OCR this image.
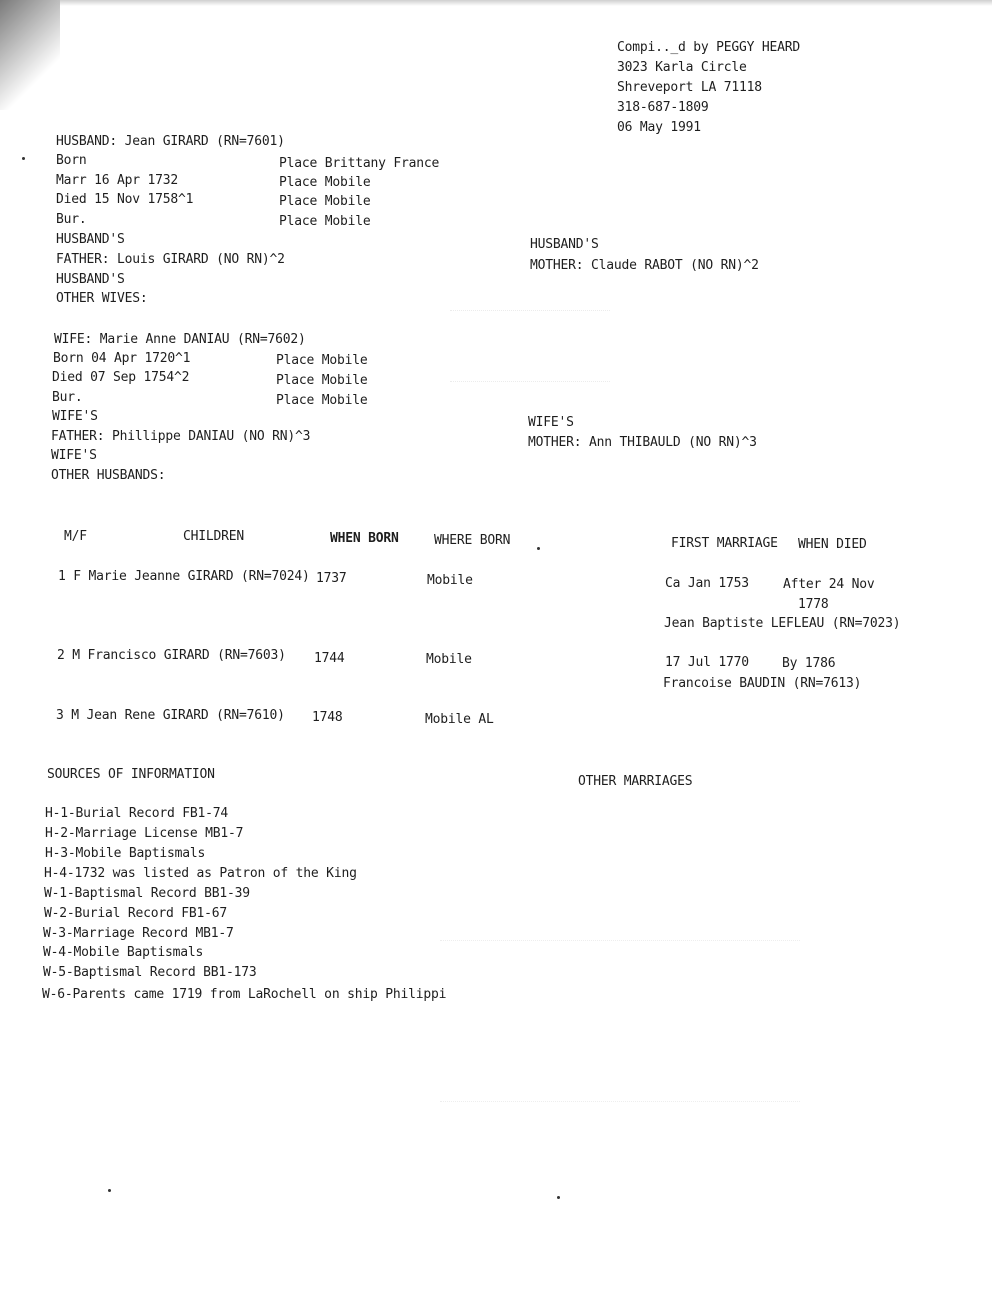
Compi.._d by PEGGY HEARD
3023 Karla Circle
Shreveport LA 71118
318-687-1809
06 May 1991
HUSBAND: Jean GIRARD (RN=7601)
Born	Place Brittany France
Marr 16 Apr 1732	Place Mobile
Died 15 Nov 1758^1	Place Mobile
Bur.	Place Mobile
HUSBAND'S
FATHER: Louis GIRARD (NO RN)^2
HUSBAND'S
MOTHER: Claude RABOT (NO RN)^2
HUSBAND'S
OTHER WIVES:
WIFE: Marie Anne DANIAU (RN=7602)
Born 04 Apr 1720^1	Place Mobile
Died 07 Sep 1754^2	Place Mobile
Bur.	Place Mobile
WIFE'S
FATHER: Phillippe DANIAU (NO RN)^3
WIFE'S
MOTHER: Ann THIBAULD (NO RN)^3
WIFE'S
OTHER HUSBANDS:
M/F	CHILDREN	WHEN BORN	WHERE BORN	FIRST MARRIAGE WHEN DIED
1 F Marie Jeanne GIRARD (RN=7024) 1737	Mobile	Ca Jan 1753	After 24 Nov
1778
Jean Baptiste LEFLEAU (RN=7023)
2 M Francisco GIRARD (RN=7603) 1744	Mobile	17 Jul 1770	By 1786
Francoise BAUDIN (RN=7613)
3 M Jean Rene GIRARD (RN=7610) 1748	Mobile AL
SOURCES OF INFORMATION	OTHER MARRIAGES
H-1-Burial Record FB1-74
H-2-Marriage License MB1-7
H-3-Mobile Baptismals
H-4-1732 was listed as Patron of the King
W-1-Baptismal Record BB1-39
W-2-Burial Record FB1-67
W-3-Marriage Record MB1-7
W-4-Mobile Baptismals
W-5-Baptismal Record BB1-173
W-6-Parents came 1719 from LaRochell on ship Philippi
